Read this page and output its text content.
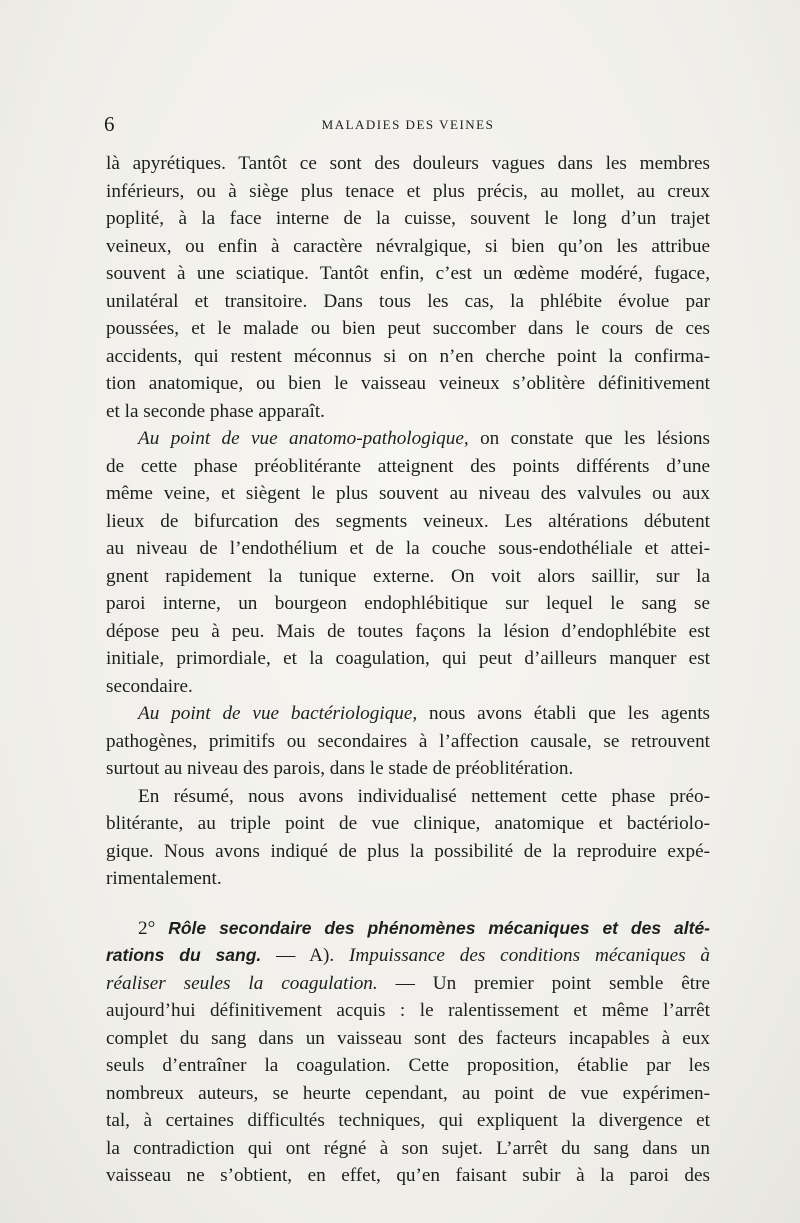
6	MALADIES DES VEINES
là apyrétiques. Tantôt ce sont des douleurs vagues dans les membres
inférieurs, ou à siège plus tenace et plus précis, au mollet, au creux
poplité, à la face interne de la cuisse, souvent le long d’un trajet
veineux, ou enfin à caractère névralgique, si bien qu’on les attribue
souvent à une sciatique. Tantôt enfin, c’est un œdème modéré, fugace,
unilatéral et transitoire. Dans tous les cas, la phlébite évolue par
poussées, et le malade ou bien peut succomber dans le cours de ces
accidents, qui restent méconnus si on n’en cherche point la confirma-
tion anatomique, ou bien le vaisseau veineux s’oblitère définitivement
et la seconde phase apparaît.
Au point de vue anatomo-pathologique, on constate que les lésions
de cette phase préoblitérante atteignent des points différents d’une
même veine, et siègent le plus souvent au niveau des valvules ou aux
lieux de bifurcation des segments veineux. Les altérations débutent
au niveau de l’endothélium et de la couche sous-endothéliale et attei-
gnent rapidement la tunique externe. On voit alors saillir, sur la
paroi interne, un bourgeon endophlébitique sur lequel le sang se
dépose peu à peu. Mais de toutes façons la lésion d’endophlébite est
initiale, primordiale, et la coagulation, qui peut d’ailleurs manquer est
secondaire.
Au point de vue bactériologique, nous avons établi que les agents
pathogènes, primitifs ou secondaires à l’affection causale, se retrouvent
surtout au niveau des parois, dans le stade de préoblitération.
En résumé, nous avons individualisé nettement cette phase préo-
blitérante, au triple point de vue clinique, anatomique et bactériolo-
gique. Nous avons indiqué de plus la possibilité de la reproduire expé-
rimentalement.
2° Rôle secondaire des phénomènes mécaniques et des alté-
rations du sang. — A). Impuissance des conditions mécaniques à
réaliser seules la coagulation. — Un premier point semble être
aujourd’hui définitivement acquis : le ralentissement et même l’arrêt
complet du sang dans un vaisseau sont des facteurs incapables à eux
seuls d’entraîner la coagulation. Cette proposition, établie par les
nombreux auteurs, se heurte cependant, au point de vue expérimen-
tal, à certaines difficultés techniques, qui expliquent la divergence et
la contradiction qui ont régné à son sujet. L’arrêt du sang dans un
vaisseau ne s’obtient, en effet, qu’en faisant subir à la paroi des
